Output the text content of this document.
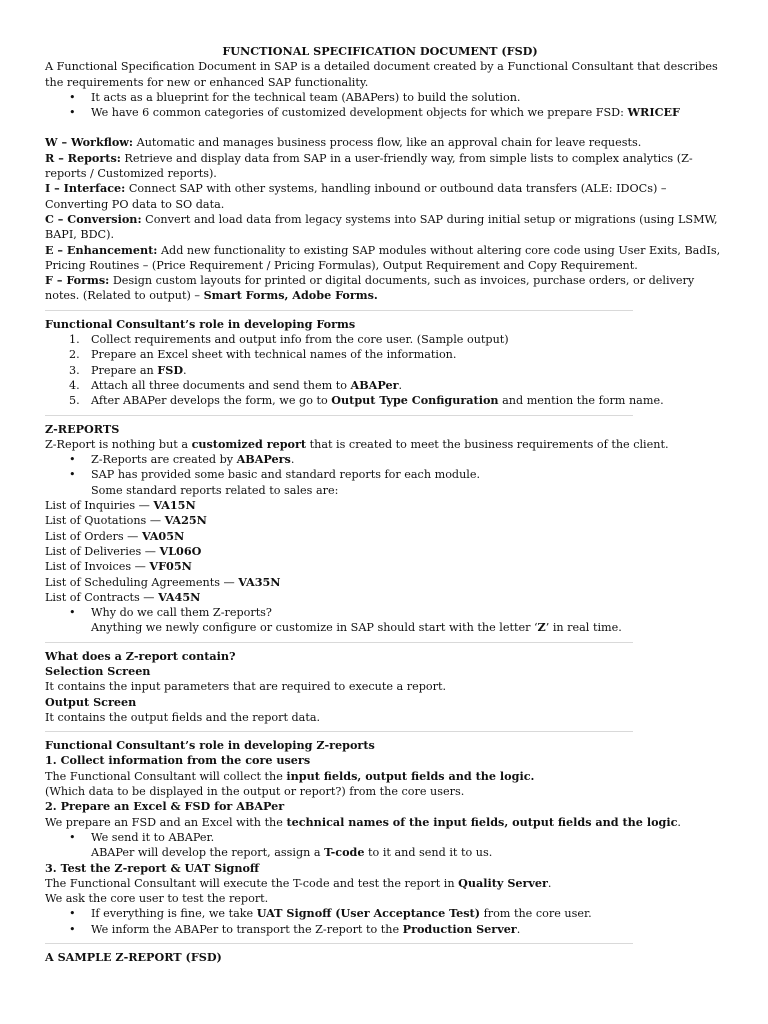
FUNCTIONAL SPECIFICATION DOCUMENT (FSD)

A Functional Specification Document in SAP is a detailed document created by a Functional Consultant that describes the requirements for new or enhanced SAP functionality.

• It acts as a blueprint for the technical team (ABAPers) to build the solution.
• We have 6 common categories of customized development objects for which we prepare FSD: WRICEF

W – Workflow: Automatic and manages business process flow, like an approval chain for leave requests.

R – Reports: Retrieve and display data from SAP in a user-friendly way, from simple lists to complex analytics (Z-reports / Customized reports).

I – Interface: Connect SAP with other systems, handling inbound or outbound data transfers (ALE: IDOCs) – Converting PO data to SO data.

C – Conversion: Convert and load data from legacy systems into SAP during initial setup or migrations (using LSMW, BAPI, BDC).

E – Enhancement: Add new functionality to existing SAP modules without altering core code using User Exits, BadIs, Pricing Routines – (Price Requirement / Pricing Formulas), Output Requirement and Copy Requirement.

F – Forms: Design custom layouts for printed or digital documents, such as invoices, purchase orders, or delivery notes. (Related to output) – Smart Forms, Adobe Forms.

Functional Consultant’s role in developing Forms

1. Collect requirements and output info from the core user. (Sample output)
2. Prepare an Excel sheet with technical names of the information.
3. Prepare an FSD.
4. Attach all three documents and send them to ABAPer.
5. After ABAPer develops the form, we go to Output Type Configuration and mention the form name.

Z-REPORTS

Z-Report is nothing but a customized report that is created to meet the business requirements of the client.

• Z-Reports are created by ABAPers.
• SAP has provided some basic and standard reports for each module.

Some standard reports related to sales are:

List of Inquiries — VA15N

List of Quotations — VA25N

List of Orders — VA05N

List of Deliveries — VL06O

List of Invoices — VF05N

List of Scheduling Agreements — VA35N

List of Contracts — VA45N

• Why do we call them Z-reports?

Anything we newly configure or customize in SAP should start with the letter ‘Z’ in real time.

What does a Z-report contain?

Selection Screen

It contains the input parameters that are required to execute a report.

Output Screen

It contains the output fields and the report data.

Functional Consultant’s role in developing Z-reports

1. Collect information from the core users

The Functional Consultant will collect the input fields, output fields and the logic.

(Which data to be displayed in the output or report?) from the core users.

2. Prepare an Excel & FSD for ABAPer

We prepare an FSD and an Excel with the technical names of the input fields, output fields and the logic.

• We send it to ABAPer.

ABAPer will develop the report, assign a T-code to it and send it to us.

3. Test the Z-report & UAT Signoff

The Functional Consultant will execute the T-code and test the report in Quality Server.

We ask the core user to test the report.

• If everything is fine, we take UAT Signoff (User Acceptance Test) from the core user.
• We inform the ABAPer to transport the Z-report to the Production Server.

A SAMPLE Z-REPORT (FSD)
